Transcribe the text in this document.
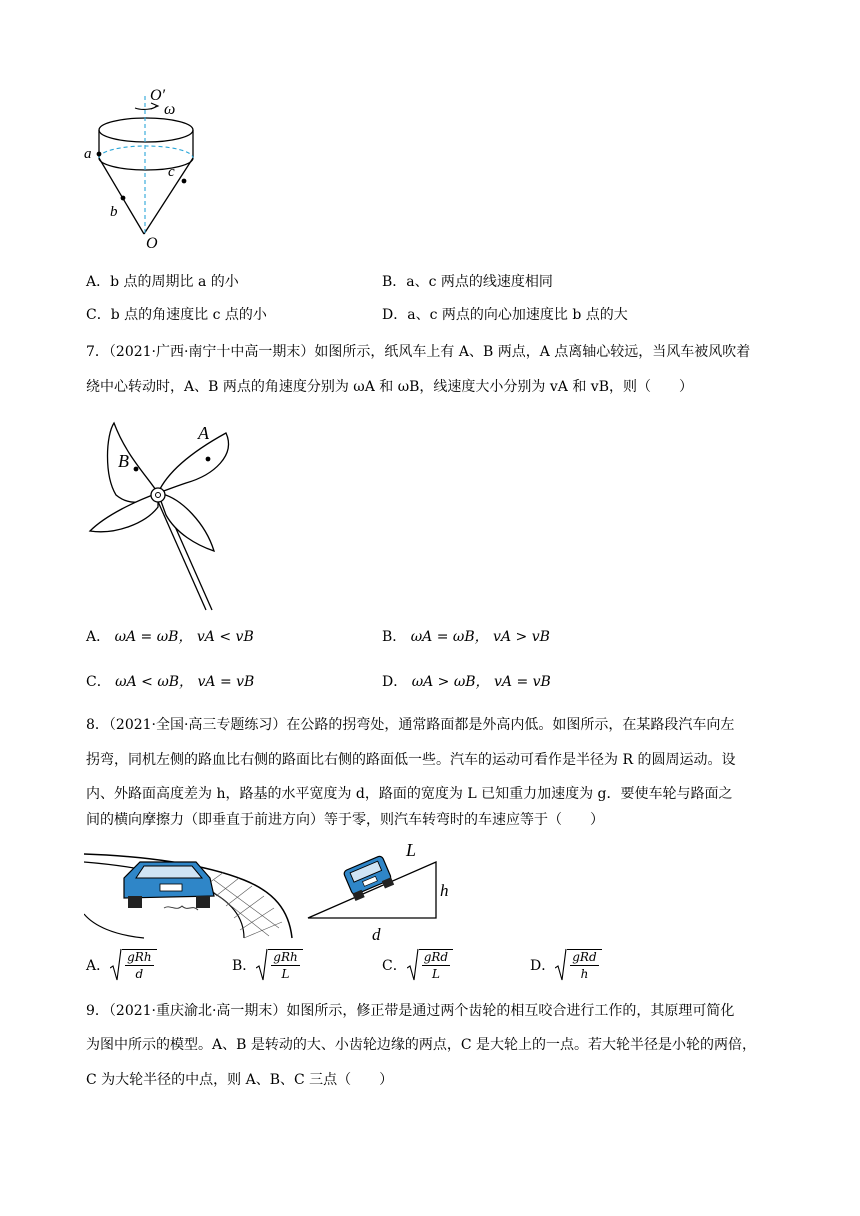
O′
ω
a
c
b
O
A．b 点的周期比 a 的小	B．a、c 两点的线速度相同
C．b 点的角速度比 c 点的小	D．a、c 两点的向心加速度比 b 点的大
7．（2021·广西·南宁十中高一期末）如图所示，纸风车上有 A、B 两点，A 点离轴心较远，当风车被风吹着
绕中心转动时，A、B 两点的角速度分别为 ωA 和 ωB，线速度大小分别为 vA 和 vB，则（　　）
B
A
A． ωA = ωB， vA < vB	B． ωA = ωB， vA > vB
C． ωA < ωB， vA = vB	D． ωA > ωB， vA = vB
8．（2021·全国·高三专题练习）在公路的拐弯处，通常路面都是外高内低。如图所示，在某路段汽车向左
拐弯，同机左侧的路血比右侧的路面比右侧的路面低一些。汽车的运动可看作是半径为 R 的圆周运动。设
内、外路面高度差为 h，路基的水平宽度为 d，路面的宽度为 L 已知重力加速度为 g．要使车轮与路面之
间的横向摩擦力（即垂直于前进方向）等于零，则汽车转弯时的车速应等于（　　）
L
h
d
A． $\frac{\text{gRh}}{d}$	B． $\frac{\text{gRh}}{L}$	C． $\frac{\text{gRd}}{L}$	D． $\frac{\text{gRd}}{h}$
9．（2021·重庆渝北·高一期末）如图所示，修正带是通过两个齿轮的相互咬合进行工作的，其原理可简化
为图中所示的模型。A、B 是转动的大、小齿轮边缘的两点，C 是大轮上的一点。若大轮半径是小轮的两倍，
C 为大轮半径的中点，则 A、B、C 三点（　　）
